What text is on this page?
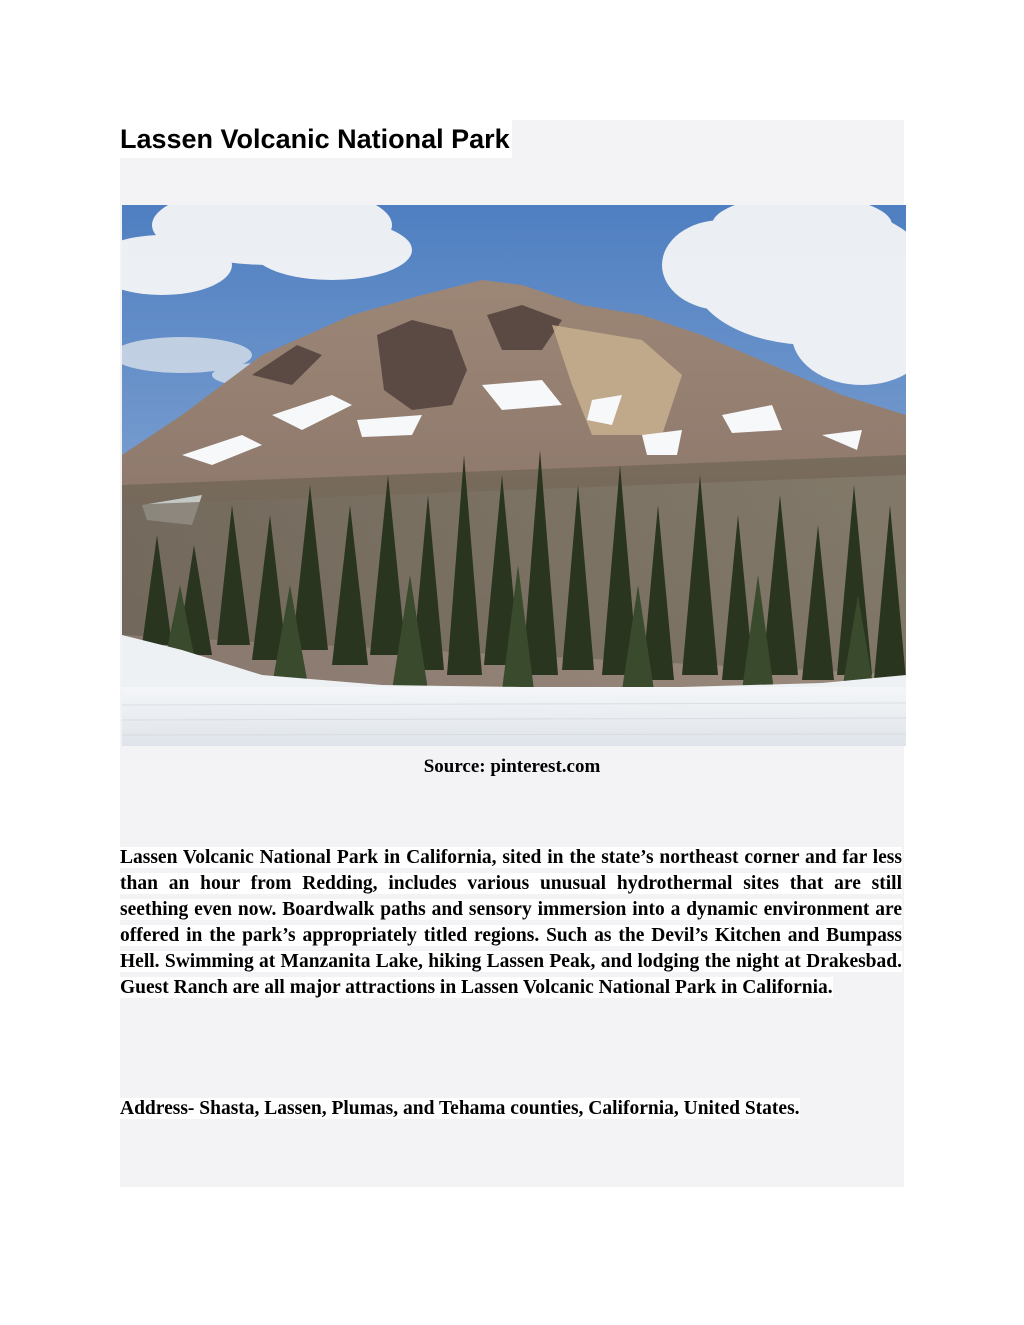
Lassen Volcanic National Park
Source: pinterest.com

Lassen Volcanic National Park in California, sited in the state’s northeast corner and far less than an hour from Redding, includes various unusual hydrothermal sites that are still seething even now. Boardwalk paths and sensory immersion into a dynamic environment are offered in the park’s appropriately titled regions. Such as the Devil’s Kitchen and Bumpass Hell. Swimming at Manzanita Lake, hiking Lassen Peak, and lodging the night at Drakesbad. Guest Ranch are all major attractions in Lassen Volcanic National Park in California.

Address- Shasta, Lassen, Plumas, and Tehama counties, California, United States.
